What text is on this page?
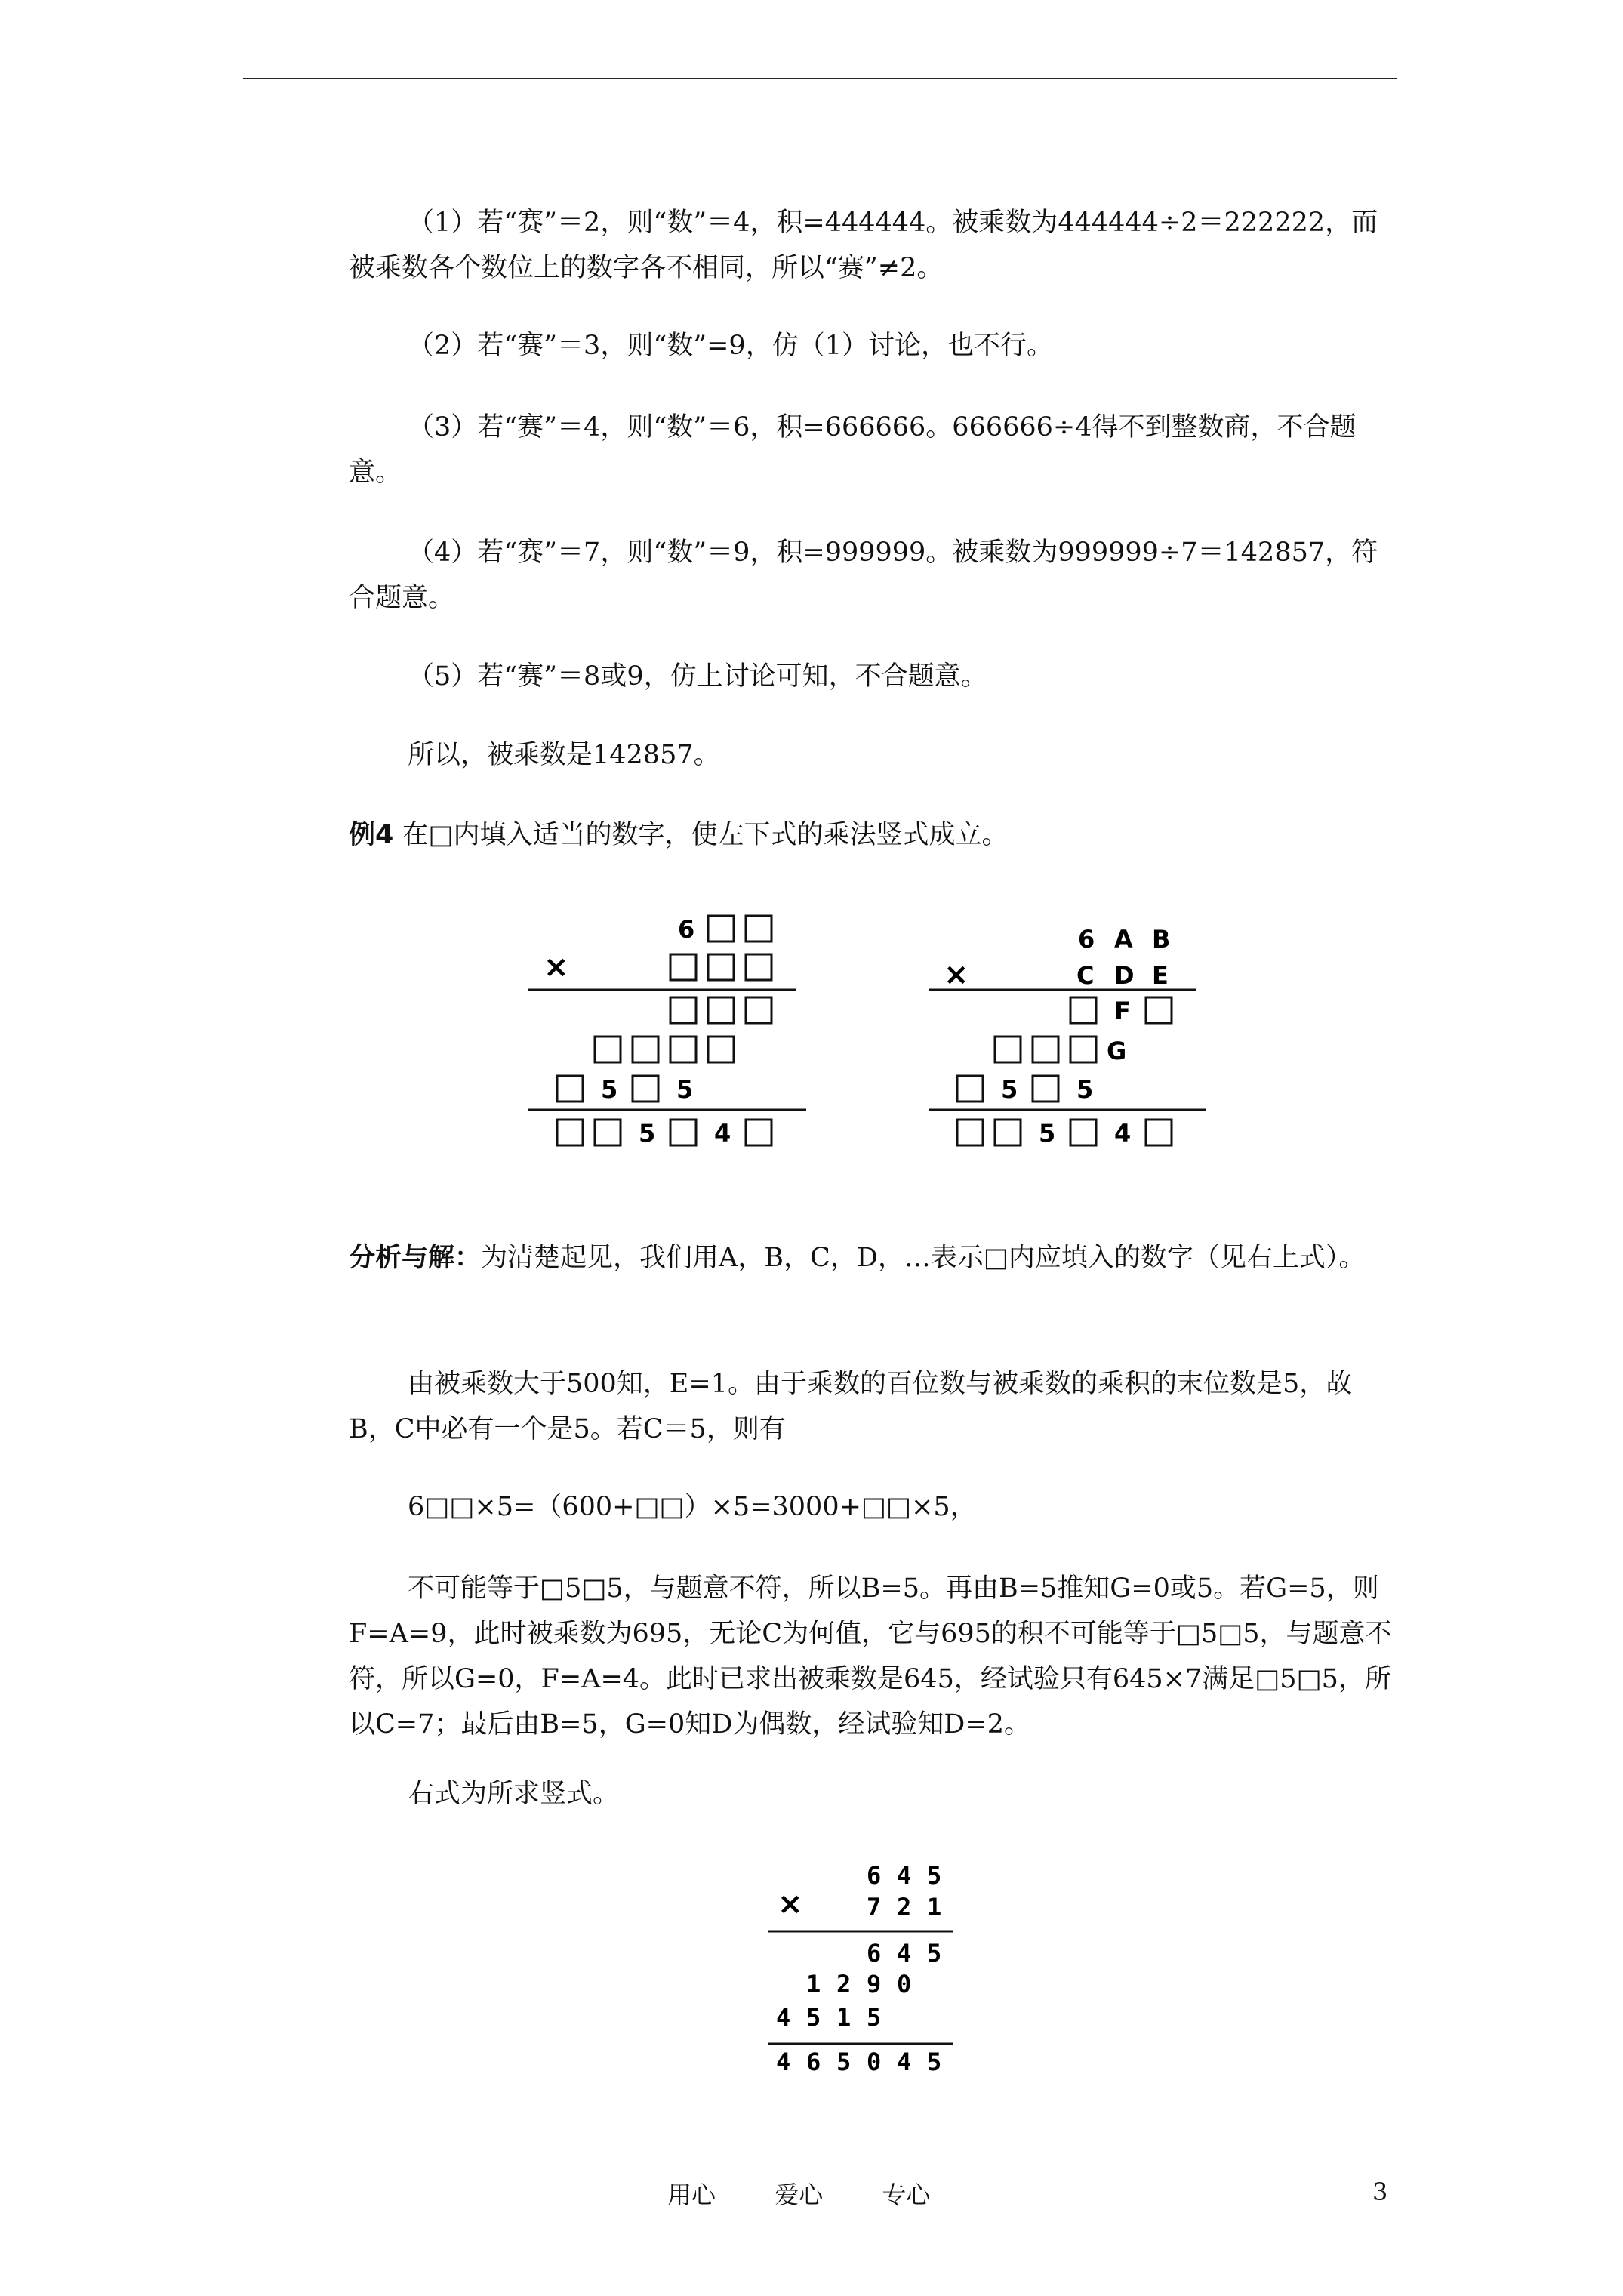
（1）若“赛”＝2，则“数”＝4，积=444444。被乘数为444444÷2＝222222，而被乘数各个数位上的数字各不相同，所以“赛”≠2。

（2）若“赛”＝3，则“数”=9，仿（1）讨论，也不行。

（3）若“赛”＝4，则“数”＝6，积=666666。666666÷4得不到整数商，不合题意。

（4）若“赛”＝7，则“数”＝9，积=999999。被乘数为999999÷7＝142857，符合题意。

（5）若“赛”＝8或9，仿上讨论可知，不合题意。

所以，被乘数是142857。

例4 在□内填入适当的数字，使左下式的乘法竖式成立。

6
×
5 5
5 4
6 A B
×	C D E
F
G
5 5
5 4

分析与解：为清楚起见，我们用A，B，C，D，…表示□内应填入的数字（见右上式）。

由被乘数大于500知，E=1。由于乘数的百位数与被乘数的乘积的末位数是5，故B，C中必有一个是5。若C＝5，则有

6□□×5=（600+□□）×5=3000+□□×5，

不可能等于□5□5，与题意不符，所以B=5。再由B=5推知G=0或5。若G=5，则F=A=9，此时被乘数为695，无论C为何值，它与695的积不可能等于□5□5，与题意不符，所以G=0，F=A=4。此时已求出被乘数是645，经试验只有645×7满足□5□5，所以C=7；最后由B=5，G=0知D为偶数，经试验知D=2。

右式为所求竖式。

×
6 4 5
7 2 1
6 4 5
1 2 9 0
4 5 1 5
4 6 5 0 4 5
用心 爱心 专心	3
